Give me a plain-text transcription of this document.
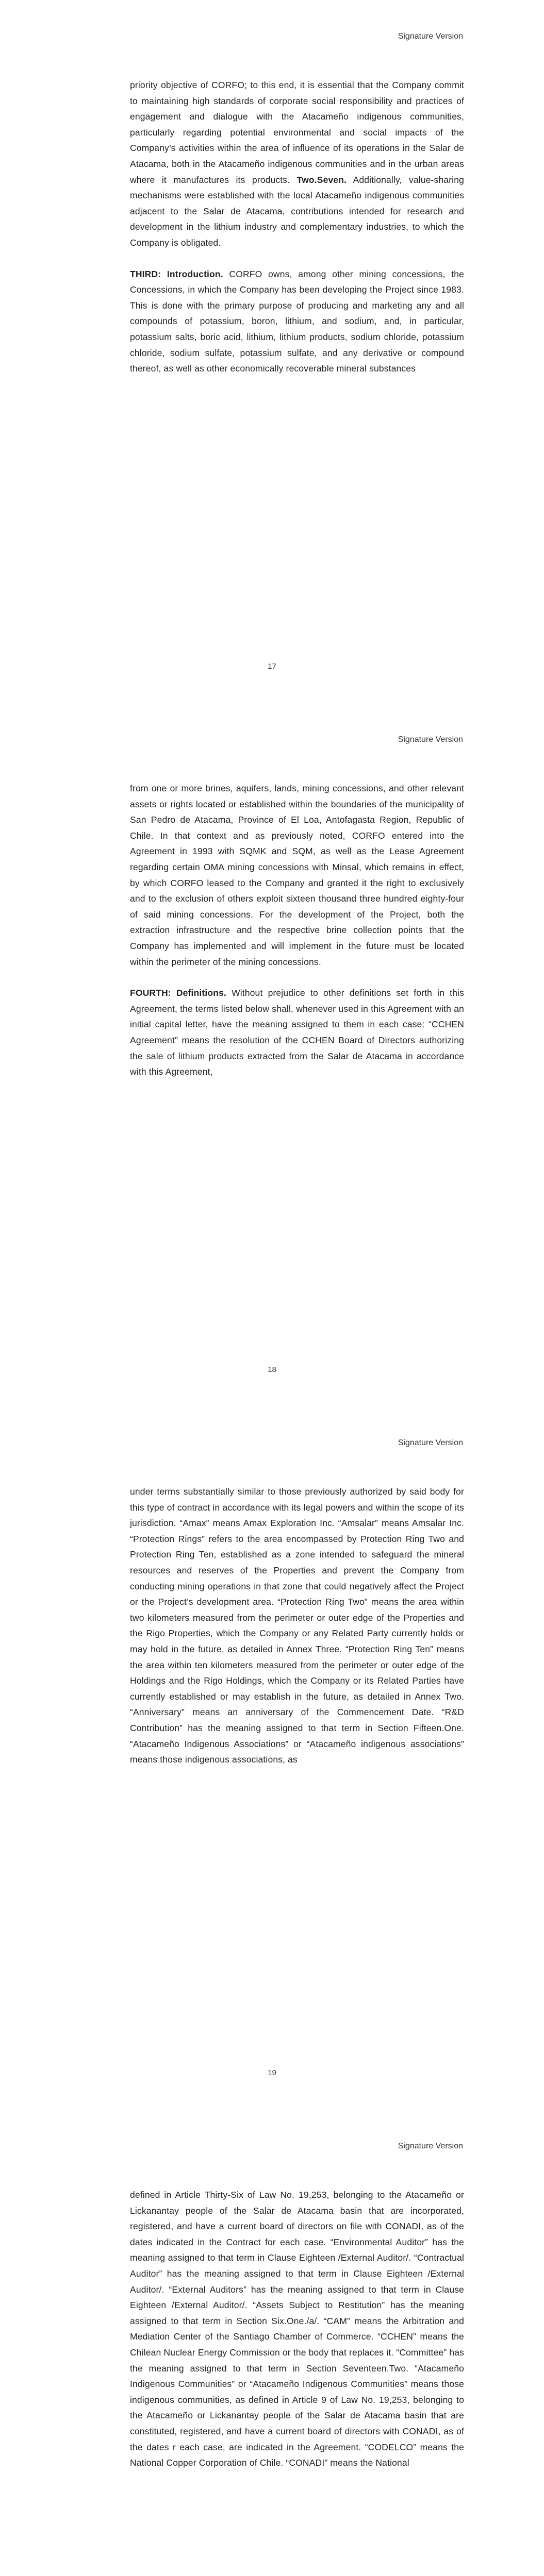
Signature Version

priority objective of CORFO; to this end, it is essential that the Company commit to maintaining high standards of corporate social responsibility and practices of engagement and dialogue with the Atacameño indigenous communities, particularly regarding potential environmental and social impacts of the Company’s activities within the area of influence of its operations in the Salar de Atacama, both in the Atacameño indigenous communities and in the urban areas where it manufactures its products. Two.Seven. Additionally, value-sharing mechanisms were established with the local Atacameño indigenous communities adjacent to the Salar de Atacama, contributions intended for research and development in the lithium industry and complementary industries, to which the Company is obligated.

THIRD: Introduction. CORFO owns, among other mining concessions, the Concessions, in which the Company has been developing the Project since 1983. This is done with the primary purpose of producing and marketing any and all compounds of potassium, boron, lithium, and sodium, and, in particular, potassium salts, boric acid, lithium, lithium products, sodium chloride, potassium chloride, sodium sulfate, potassium sulfate, and any derivative or compound thereof, as well as other economically recoverable mineral substances

17
Signature Version

from one or more brines, aquifers, lands, mining concessions, and other relevant assets or rights located or established within the boundaries of the municipality of San Pedro de Atacama, Province of El Loa, Antofagasta Region, Republic of Chile. In that context and as previously noted, CORFO entered into the Agreement in 1993 with SQMK and SQM, as well as the Lease Agreement regarding certain OMA mining concessions with Minsal, which remains in effect, by which CORFO leased to the Company and granted it the right to exclusively and to the exclusion of others exploit sixteen thousand three hundred eighty-four of said mining concessions. For the development of the Project, both the extraction infrastructure and the respective brine collection points that the Company has implemented and will implement in the future must be located within the perimeter of the mining concessions.

FOURTH: Definitions. Without prejudice to other definitions set forth in this Agreement, the terms listed below shall, whenever used in this Agreement with an initial capital letter, have the meaning assigned to them in each case: “CCHEN Agreement” means the resolution of the CCHEN Board of Directors authorizing the sale of lithium products extracted from the Salar de Atacama in accordance with this Agreement,

18
Signature Version

under terms substantially similar to those previously authorized by said body for this type of contract in accordance with its legal powers and within the scope of its jurisdiction. “Amax” means Amax Exploration Inc. “Amsalar” means Amsalar Inc. “Protection Rings” refers to the area encompassed by Protection Ring Two and Protection Ring Ten, established as a zone intended to safeguard the mineral resources and reserves of the Properties and prevent the Company from conducting mining operations in that zone that could negatively affect the Project or the Project’s development area. “Protection Ring Two” means the area within two kilometers measured from the perimeter or outer edge of the Properties and the Rigo Properties, which the Company or any Related Party currently holds or may hold in the future, as detailed in Annex Three. “Protection Ring Ten” means the area within ten kilometers measured from the perimeter or outer edge of the Holdings and the Rigo Holdings, which the Company or its Related Parties have currently established or may establish in the future, as detailed in Annex Two. “Anniversary” means an anniversary of the Commencement Date. “R&D Contribution” has the meaning assigned to that term in Section Fifteen.One. “Atacameño Indigenous Associations” or “Atacameño indigenous associations” means those indigenous associations, as

19
Signature Version

defined in Article Thirty-Six of Law No. 19,253, belonging to the Atacameño or Lickanantay people of the Salar de Atacama basin that are incorporated, registered, and have a current board of directors on file with CONADI, as of the dates indicated in the Contract for each case. “Environmental Auditor” has the meaning assigned to that term in Clause Eighteen /External Auditor/. “Contractual Auditor” has the meaning assigned to that term in Clause Eighteen /External Auditor/. “External Auditors” has the meaning assigned to that term in Clause Eighteen /External Auditor/. “Assets Subject to Restitution” has the meaning assigned to that term in Section Six.One./a/. “CAM” means the Arbitration and Mediation Center of the Santiago Chamber of Commerce. “CCHEN” means the Chilean Nuclear Energy Commission or the body that replaces it. “Committee” has the meaning assigned to that term in Section Seventeen.Two. “Atacameño Indigenous Communities” or “Atacameño Indigenous Communities” means those indigenous communities, as defined in Article 9 of Law No. 19,253, belonging to the Atacameño or Lickanantay people of the Salar de Atacama basin that are constituted, registered, and have a current board of directors with CONADI, as of the dates r each case, are indicated in the Agreement. “CODELCO” means the National Copper Corporation of Chile. “CONADI” means the National
